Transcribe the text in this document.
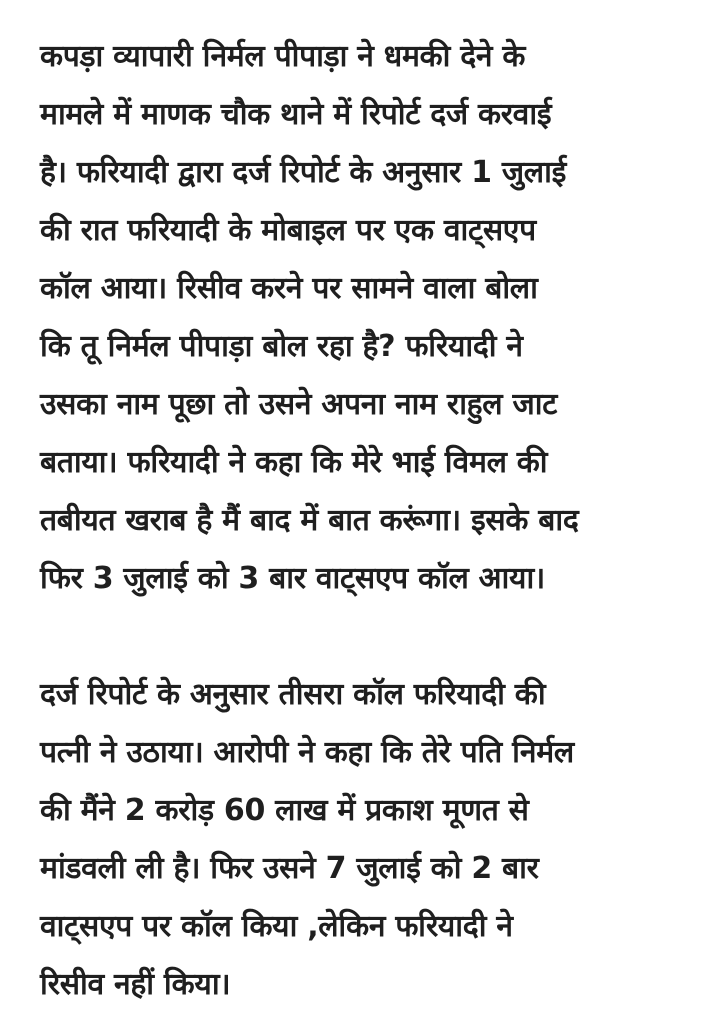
कपड़ा व्यापारी निर्मल पीपाड़ा ने धमकी देने के
मामले में माणक चौक थाने में रिपोर्ट दर्ज करवाई
है। फरियादी द्वारा दर्ज रिपोर्ट के अनुसार 1 जुलाई
की रात फरियादी के मोबाइल पर एक वाट्सएप
कॉल आया। रिसीव करने पर सामने वाला बोला
कि तू निर्मल पीपाड़ा बोल रहा है? फरियादी ने
उसका नाम पूछा तो उसने अपना नाम राहुल जाट
बताया। फरियादी ने कहा कि मेरे भाई विमल की
तबीयत खराब है मैं बाद में बात करूंगा। इसके बाद
फिर 3 जुलाई को 3 बार वाट्सएप कॉल आया।
दर्ज रिपोर्ट के अनुसार तीसरा कॉल फरियादी की
पत्नी ने उठाया। आरोपी ने कहा कि तेरे पति निर्मल
की मैंने 2 करोड़ 60 लाख में प्रकाश मूणत से
मांडवली ली है। फिर उसने 7 जुलाई को 2 बार
वाट्सएप पर कॉल किया ,लेकिन फरियादी ने
रिसीव नहीं किया।
